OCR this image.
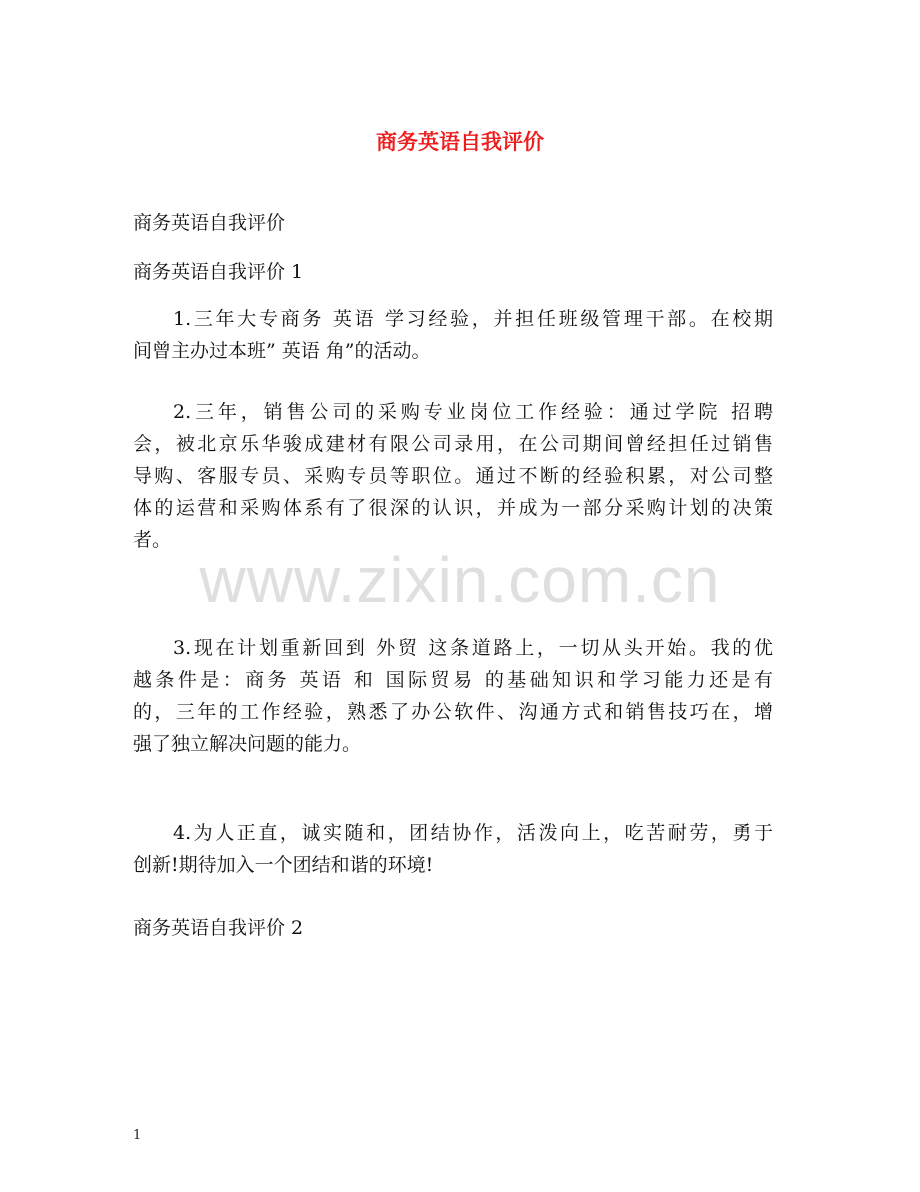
商务英语自我评价

商务英语自我评价

商务英语自我评价 1

1.三年大专商务 英语 学习经验，并担任班级管理干部。在校期
间曾主办过本班” 英语 角”的活动。
2.三年，销售公司的采购专业岗位工作经验：通过学院 招聘
会，被北京乐华骏成建材有限公司录用，在公司期间曾经担任过销售
导购、客服专员、采购专员等职位。通过不断的经验积累，对公司整
体的运营和采购体系有了很深的认识，并成为一部分采购计划的决策
者。
3.现在计划重新回到 外贸 这条道路上，一切从头开始。我的优
越条件是：商务 英语 和 国际贸易 的基础知识和学习能力还是有
的，三年的工作经验，熟悉了办公软件、沟通方式和销售技巧在，增
强了独立解决问题的能力。
4.为人正直，诚实随和，团结协作，活泼向上，吃苦耐劳，勇于
创新!期待加入一个团结和谐的环境!

商务英语自我评价 2

www.zixin.com.cn
1
